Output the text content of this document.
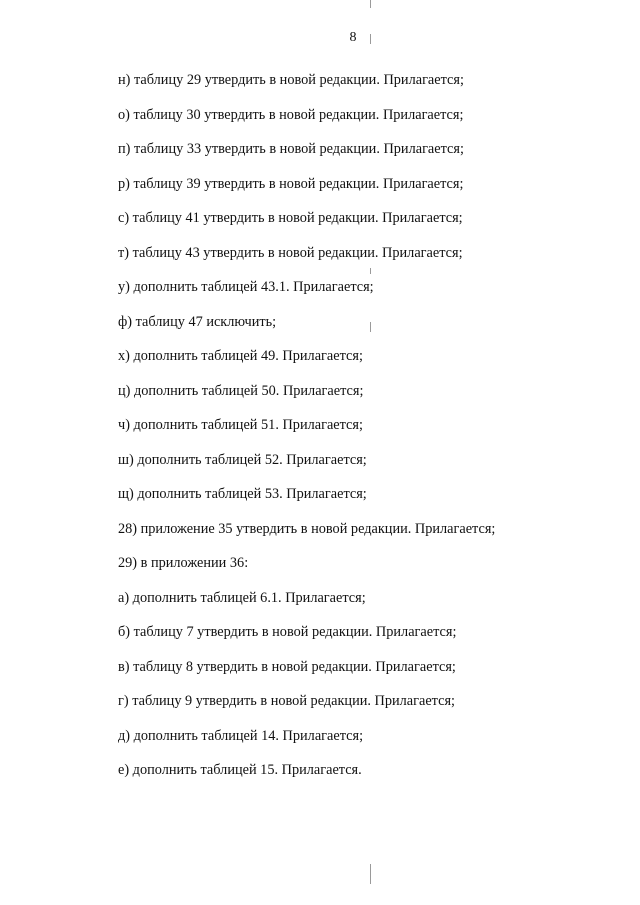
8
н) таблицу 29 утвердить в новой редакции. Прилагается;
о) таблицу 30 утвердить в новой редакции. Прилагается;
п) таблицу 33 утвердить в новой редакции. Прилагается;
р) таблицу 39 утвердить в новой редакции. Прилагается;
с) таблицу 41 утвердить в новой редакции. Прилагается;
т) таблицу 43 утвердить в новой редакции. Прилагается;
у) дополнить таблицей 43.1. Прилагается;
ф) таблицу 47 исключить;
х) дополнить таблицей 49. Прилагается;
ц) дополнить таблицей 50. Прилагается;
ч) дополнить таблицей 51. Прилагается;
ш) дополнить таблицей 52. Прилагается;
щ) дополнить таблицей 53. Прилагается;
28) приложение 35 утвердить в новой редакции. Прилагается;
29) в приложении 36:
а) дополнить таблицей 6.1. Прилагается;
б) таблицу 7 утвердить в новой редакции. Прилагается;
в) таблицу 8 утвердить в новой редакции. Прилагается;
г) таблицу 9 утвердить в новой редакции. Прилагается;
д) дополнить таблицей 14. Прилагается;
е) дополнить таблицей 15. Прилагается.
